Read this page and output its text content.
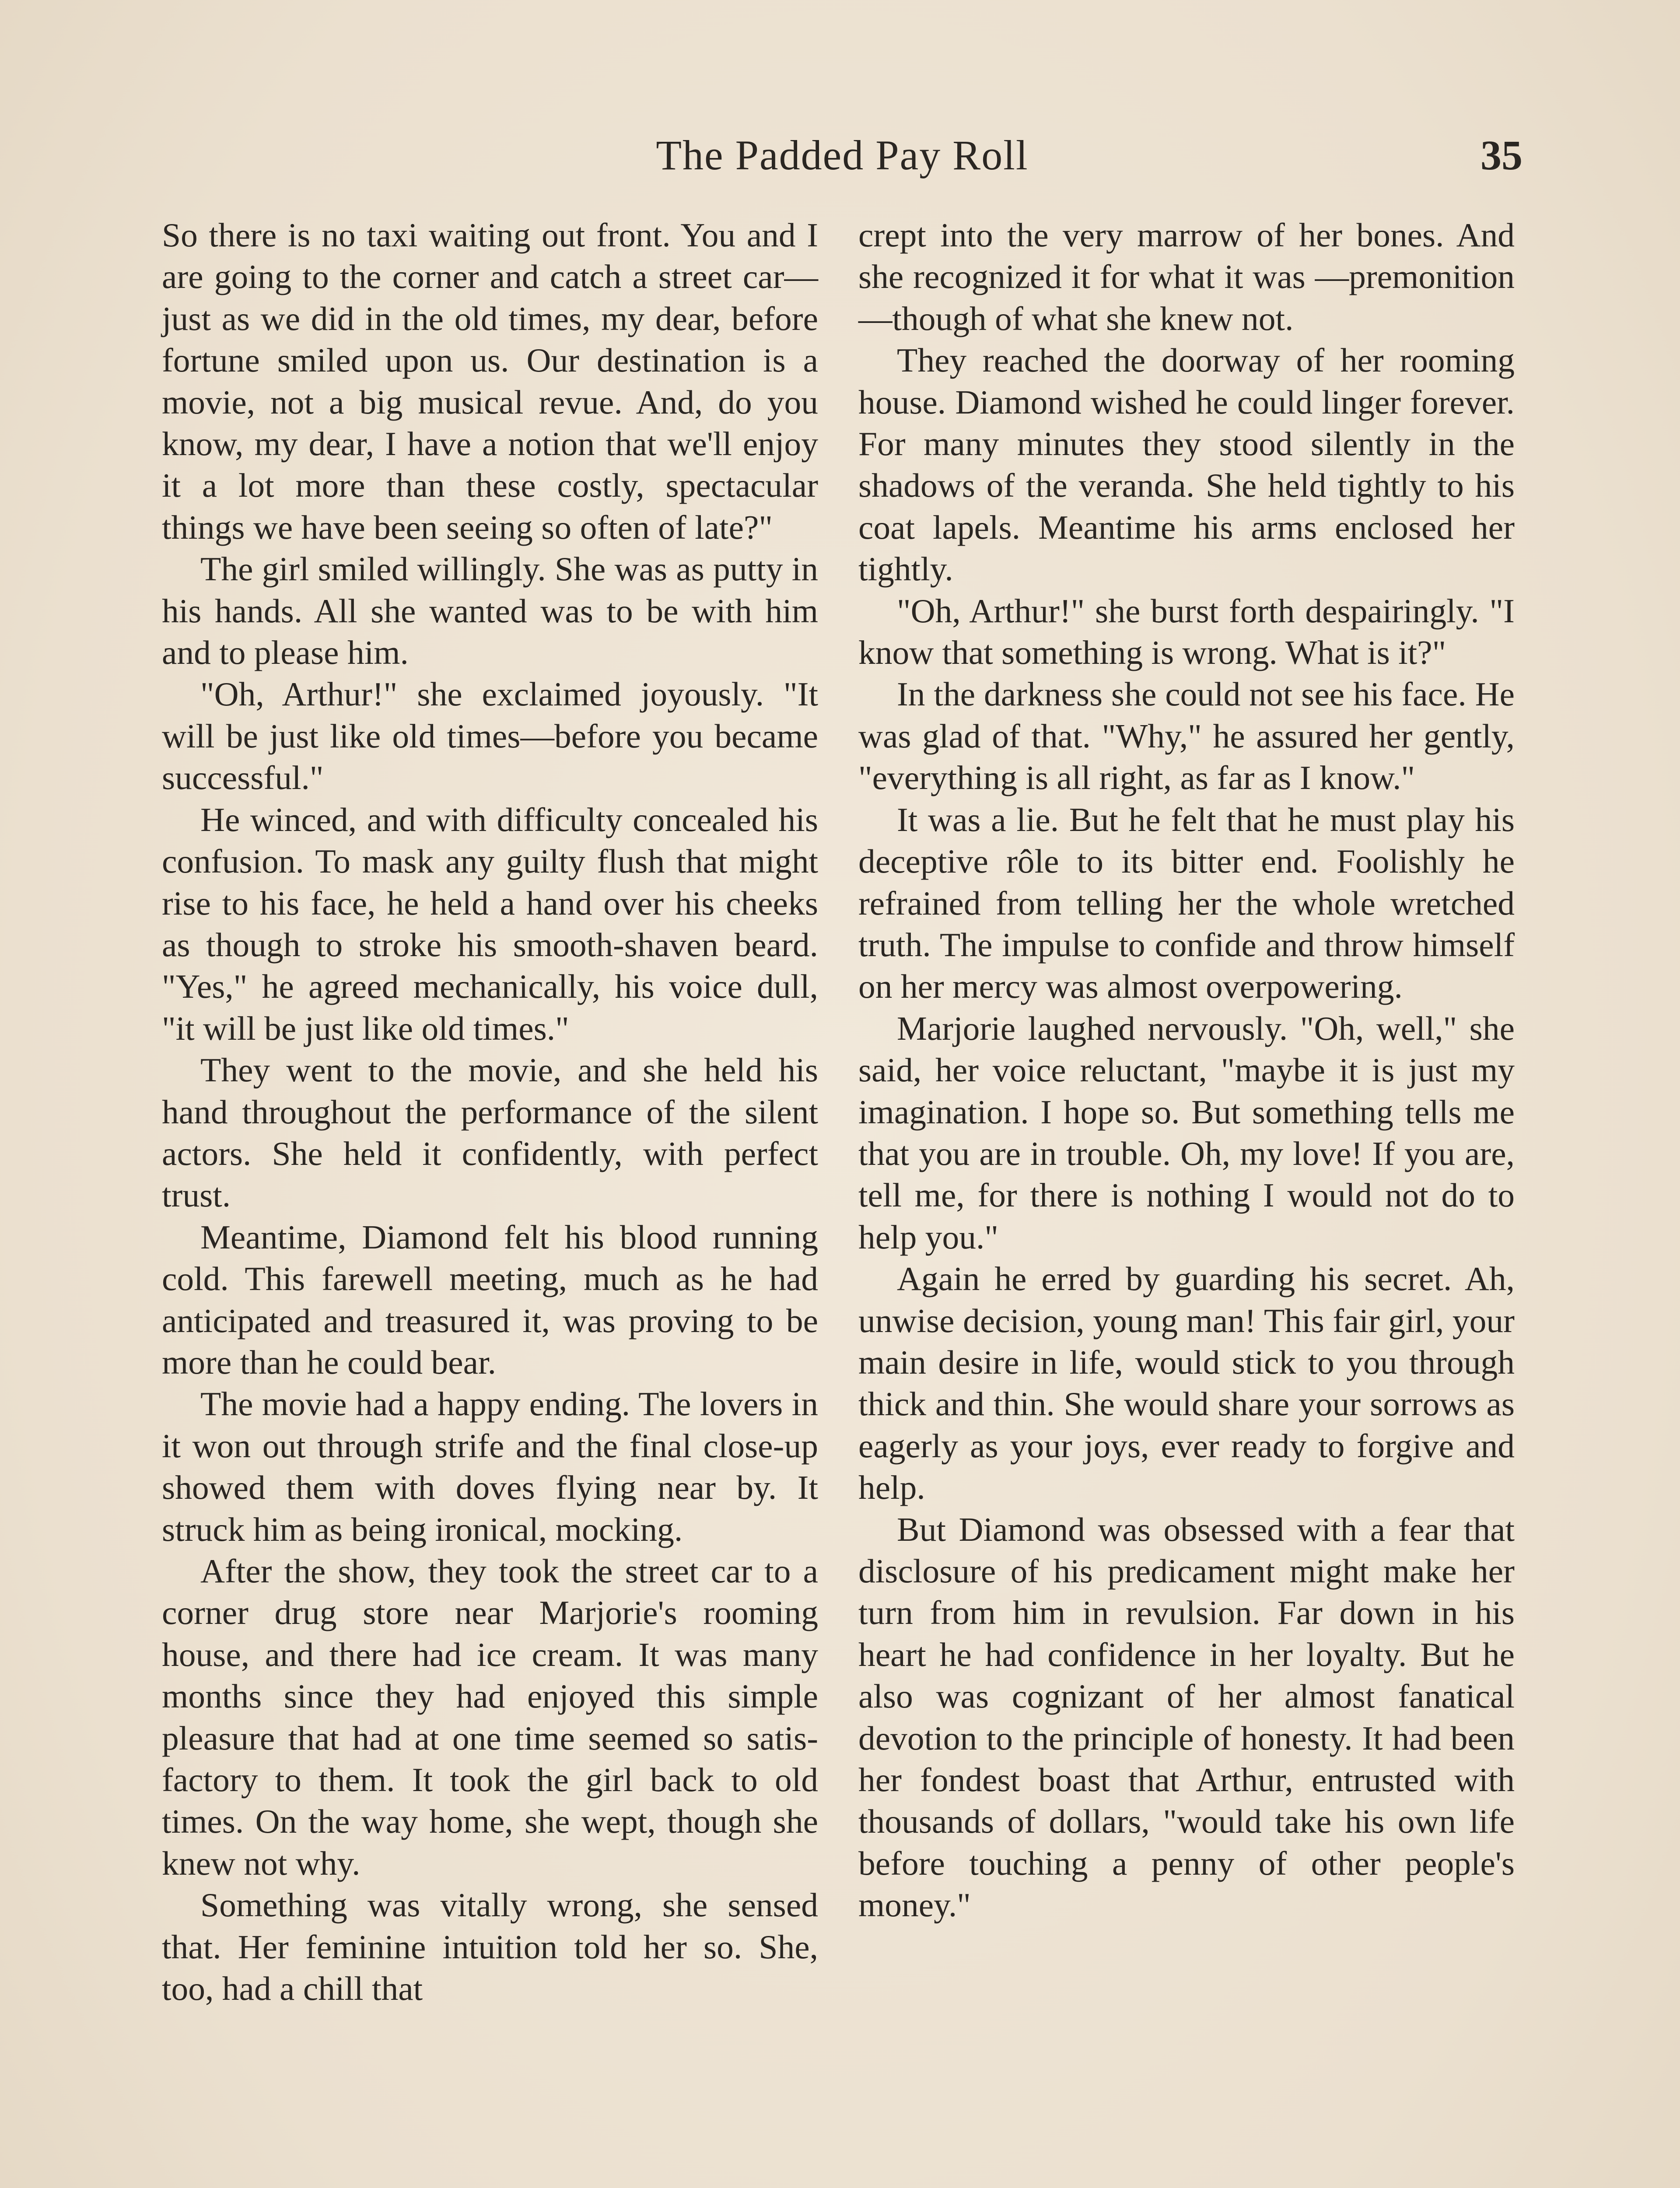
The Padded Pay Roll	35

So there is no taxi waiting out front. You and I are going to the corner and catch a street car—just as we did in the old times, my dear, before fortune smiled upon us. Our destination is a movie, not a big musical revue. And, do you know, my dear, I have a notion that we'll enjoy it a lot more than these costly, spectacular things we have been seeing so often of late?"

The girl smiled willingly. She was as putty in his hands. All she wanted was to be with him and to please him.

"Oh, Arthur!" she exclaimed joyously. "It will be just like old times—before you became successful."

He winced, and with difficulty concealed his confusion. To mask any guilty flush that might rise to his face, he held a hand over his cheeks as though to stroke his smooth-shaven beard. "Yes," he agreed mechanically, his voice dull, "it will be just like old times."

They went to the movie, and she held his hand throughout the performance of the silent actors. She held it confidently, with perfect trust.

Meantime, Diamond felt his blood running cold. This farewell meeting, much as he had anticipated and treasured it, was proving to be more than he could bear.

The movie had a happy ending. The lovers in it won out through strife and the final close-up showed them with doves flying near by. It struck him as being ironical, mocking.

After the show, they took the street car to a corner drug store near Marjorie's rooming house, and there had ice cream. It was many months since they had enjoyed this simple pleasure that had at one time seemed so satisfactory to them. It took the girl back to old times. On the way home, she wept, though she knew not why.

Something was vitally wrong, she sensed that. Her feminine intuition told her so. She, too, had a chill that

crept into the very marrow of her bones. And she recognized it for what it was —premonition—though of what she knew not.

They reached the doorway of her rooming house. Diamond wished he could linger forever. For many minutes they stood silently in the shadows of the veranda. She held tightly to his coat lapels. Meantime his arms enclosed her tightly.

"Oh, Arthur!" she burst forth despairingly. "I know that something is wrong. What is it?"

In the darkness she could not see his face. He was glad of that. "Why," he assured her gently, "everything is all right, as far as I know."

It was a lie. But he felt that he must play his deceptive rôle to its bitter end. Foolishly he refrained from telling her the whole wretched truth. The impulse to confide and throw himself on her mercy was almost overpowering.

Marjorie laughed nervously. "Oh, well," she said, her voice reluctant, "maybe it is just my imagination. I hope so. But something tells me that you are in trouble. Oh, my love! If you are, tell me, for there is nothing I would not do to help you."

Again he erred by guarding his secret. Ah, unwise decision, young man! This fair girl, your main desire in life, would stick to you through thick and thin. She would share your sorrows as eagerly as your joys, ever ready to forgive and help.

But Diamond was obsessed with a fear that disclosure of his predicament might make her turn from him in revulsion. Far down in his heart he had confidence in her loyalty. But he also was cognizant of her almost fanatical devotion to the principle of honesty. It had been her fondest boast that Arthur, entrusted with thousands of dollars, "would take his own life before touching a penny of other people's money."
